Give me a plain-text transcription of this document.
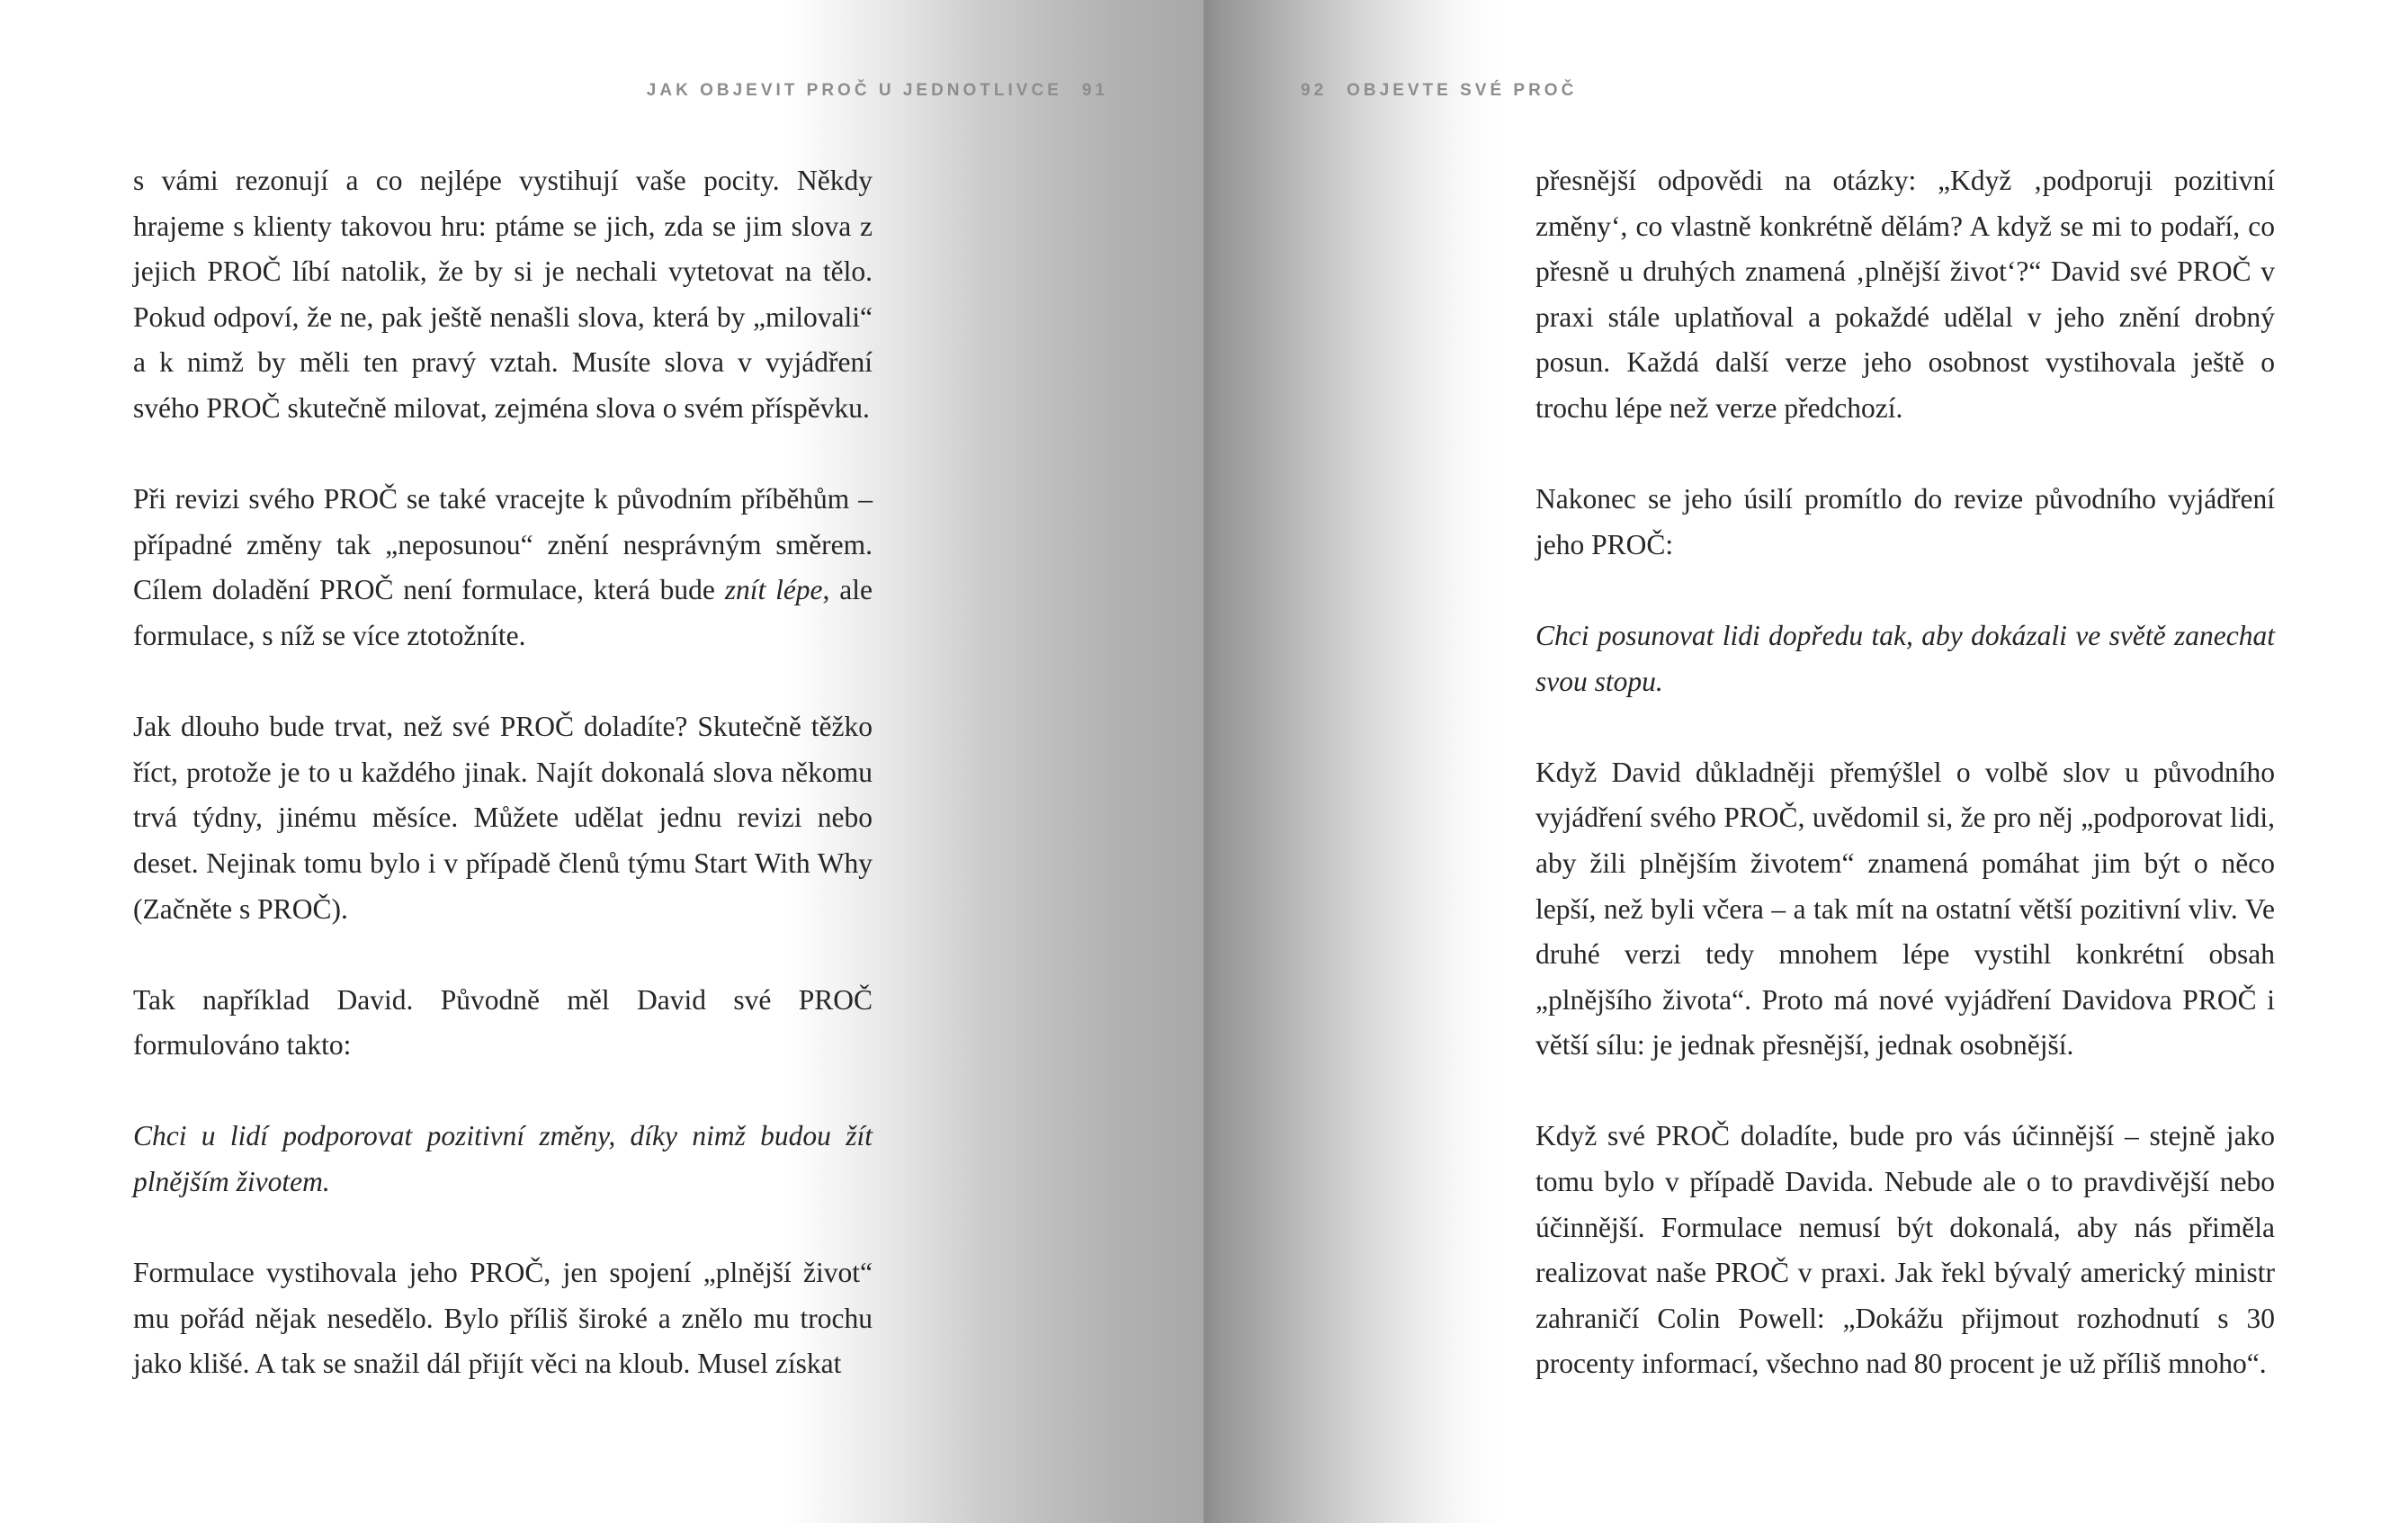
JAK OBJEVIT PROČ U JEDNOTLIVCE 91

s vámi rezonují a co nejlépe vystihují vaše pocity. Někdy hrajeme s klienty takovou hru: ptáme se jich, zda se jim slova z jejich PROČ líbí natolik, že by si je nechali vytetovat na tělo. Pokud odpoví, že ne, pak ještě nenašli slova, která by „milovali“ a k nimž by měli ten pravý vztah. Musíte slova v vyjádření svého PROČ skutečně milovat, zejména slova o svém příspěvku.

Při revizi svého PROČ se také vracejte k původním příběhům – případné změny tak „neposunou“ znění nesprávným směrem. Cílem doladění PROČ není formulace, která bude znít lépe, ale formulace, s níž se více ztotožníte.

Jak dlouho bude trvat, než své PROČ doladíte? Skutečně těžko říct, protože je to u každého jinak. Najít dokonalá slova někomu trvá týdny, jinému měsíce. Můžete udělat jednu revizi nebo deset. Nejinak tomu bylo i v případě členů týmu Start With Why (Začněte s PROČ).

Tak například David. Původně měl David své PROČ formulováno takto:

Chci u lidí podporovat pozitivní změny, díky nimž budou žít plnějším životem.

Formulace vystihovala jeho PROČ, jen spojení „plnější život“ mu pořád nějak nesedělo. Bylo příliš široké a znělo mu trochu jako klišé. A tak se snažil dál přijít věci na kloub. Musel získat

92 OBJEVTE SVÉ PROČ

přesnější odpovědi na otázky: „Když ‚podporuji pozitivní změny‘, co vlastně konkrétně dělám? A když se mi to podaří, co přesně u druhých znamená ‚plnější život‘?“ David své PROČ v praxi stále uplatňoval a pokaždé udělal v jeho znění drobný posun. Každá další verze jeho osobnost vystihovala ještě o trochu lépe než verze předchozí.

Nakonec se jeho úsilí promítlo do revize původního vyjádření jeho PROČ:

Chci posunovat lidi dopředu tak, aby dokázali ve světě zanechat svou stopu.

Když David důkladněji přemýšlel o volbě slov u původního vyjádření svého PROČ, uvědomil si, že pro něj „podporovat lidi, aby žili plnějším životem“ znamená pomáhat jim být o něco lepší, než byli včera – a tak mít na ostatní větší pozitivní vliv. Ve druhé verzi tedy mnohem lépe vystihl konkrétní obsah „plnějšího života“. Proto má nové vyjádření Davidova PROČ i větší sílu: je jednak přesnější, jednak osobnější.

Když své PROČ doladíte, bude pro vás účinnější – stejně jako tomu bylo v případě Davida. Nebude ale o to pravdivější nebo účinnější. Formulace nemusí být dokonalá, aby nás přiměla realizovat naše PROČ v praxi. Jak řekl bývalý americký ministr zahraničí Colin Powell: „Dokážu přijmout rozhodnutí s 30 procenty informací, všechno nad 80 procent je už příliš mnoho“.
